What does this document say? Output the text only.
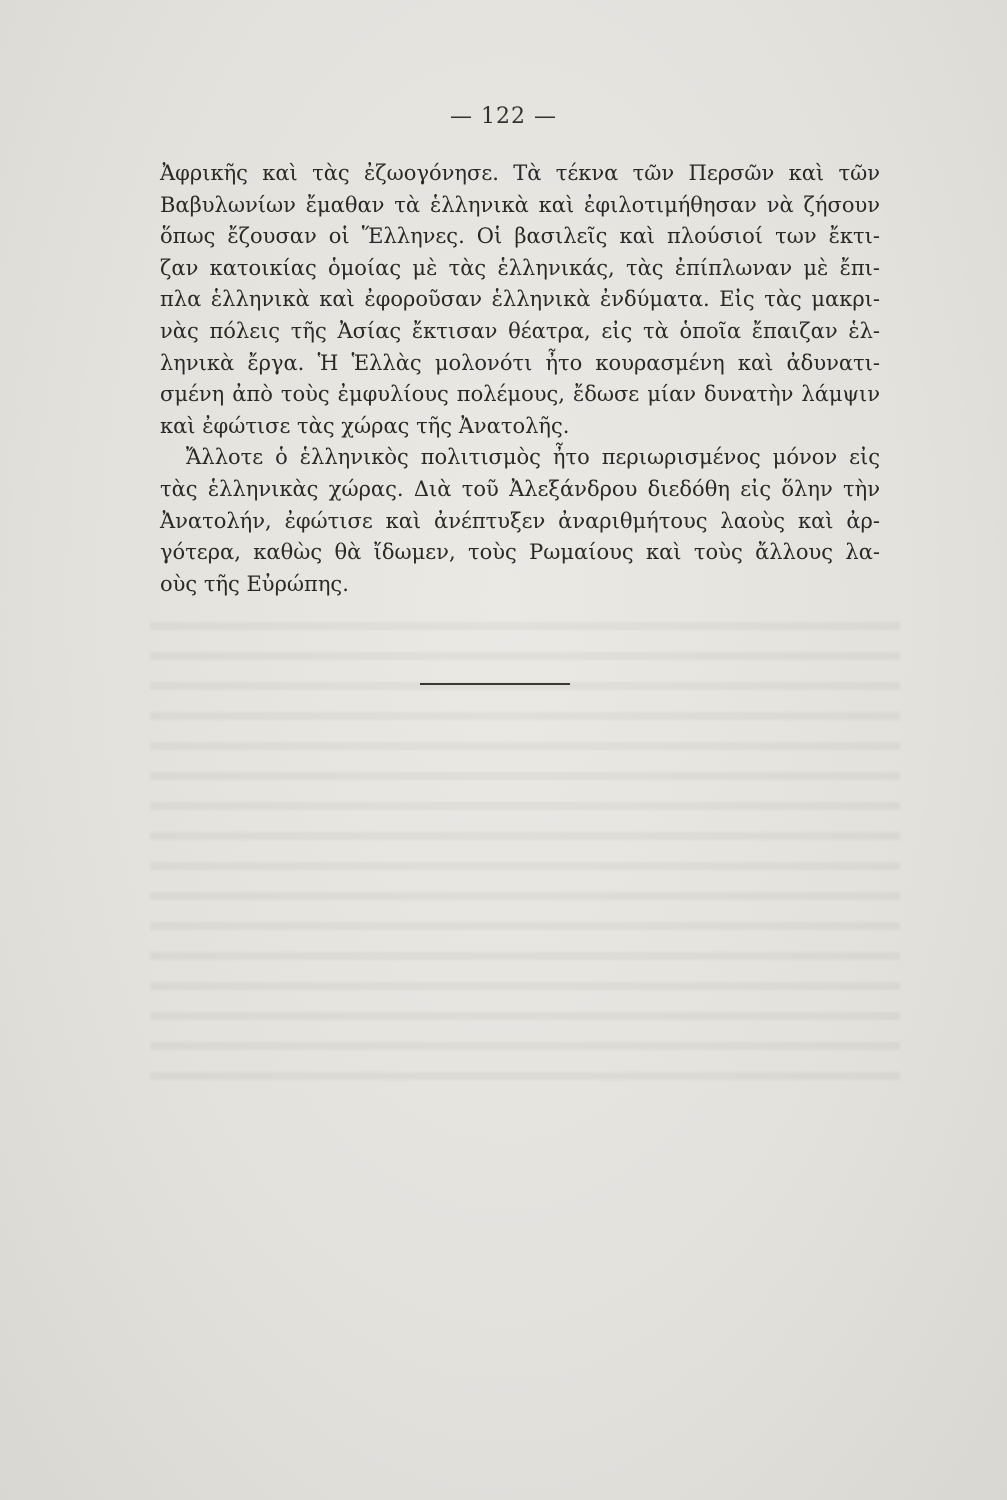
— 122 —
Ἀφρικῆς καὶ τὰς ἐζωογόνησε. Τὰ τέκνα τῶν Περσῶν καὶ τῶν
Βαβυλωνίων ἔμαθαν τὰ ἑλληνικὰ καὶ ἐφιλοτιμήθησαν νὰ ζήσουν
ὅπως ἔζουσαν οἱ Ἕλληνες. Οἱ βασιλεῖς καὶ πλούσιοί των ἔκτι-
ζαν κατοικίας ὁμοίας μὲ τὰς ἑλληνικάς, τὰς ἐπίπλωναν μὲ ἔπι-
πλα ἑλληνικὰ καὶ ἐφοροῦσαν ἑλληνικὰ ἐνδύματα. Εἰς τὰς μακρι-
νὰς πόλεις τῆς Ἀσίας ἔκτισαν θέατρα, εἰς τὰ ὁποῖα ἔπαιζαν ἑλ-
ληνικὰ ἔργα. Ἡ Ἑλλὰς μολονότι ἦτο κουρασμένη καὶ ἀδυνατι-
σμένη ἀπὸ τοὺς ἐμφυλίους πολέμους, ἔδωσε μίαν δυνατὴν λάμψιν
καὶ ἐφώτισε τὰς χώρας τῆς Ἀνατολῆς.
Ἄλλοτε ὁ ἑλληνικὸς πολιτισμὸς ἦτο περιωρισμένος μόνον εἰς
τὰς ἑλληνικὰς χώρας. Διὰ τοῦ Ἀλεξάνδρου διεδόθη εἰς ὅλην τὴν
Ἀνατολήν, ἐφώτισε καὶ ἀνέπτυξεν ἀναριθμήτους λαοὺς καὶ ἀρ-
γότερα, καθὼς θὰ ἴδωμεν, τοὺς Ρωμαίους καὶ τοὺς ἄλλους λα-
οὺς τῆς Εὐρώπης.
